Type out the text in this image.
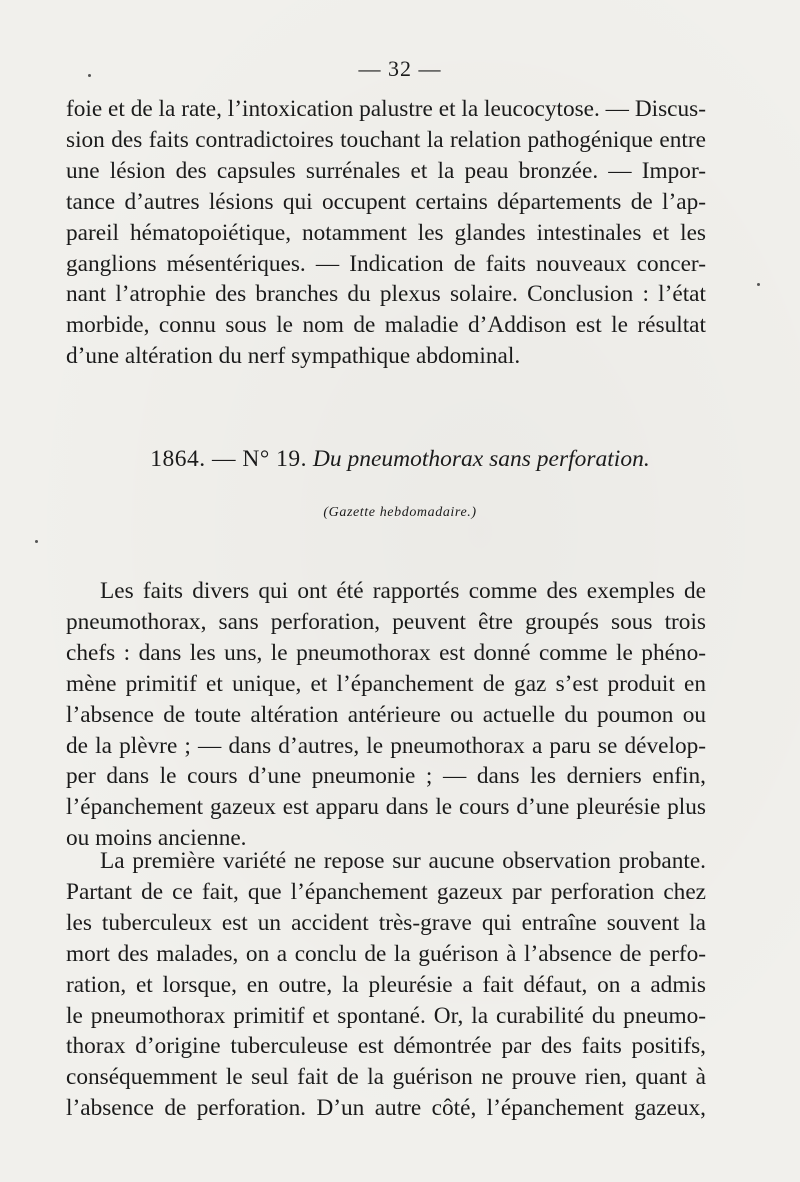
— 32 —
foie et de la rate, l’intoxication palustre et la leucocytose. — Discus-
sion des faits contradictoires touchant la relation pathogénique entre
une lésion des capsules surrénales et la peau bronzée. — Impor-
tance d’autres lésions qui occupent certains départements de l’ap-
pareil hématopoiétique, notamment les glandes intestinales et les
ganglions mésentériques. — Indication de faits nouveaux concer-
nant l’atrophie des branches du plexus solaire. Conclusion : l’état
morbide, connu sous le nom de maladie d’Addison est le résultat
d’une altération du nerf sympathique abdominal.
1864. — N° 19. Du pneumothorax sans perforation.
(Gazette hebdomadaire.)
Les faits divers qui ont été rapportés comme des exemples de
pneumothorax, sans perforation, peuvent être groupés sous trois
chefs : dans les uns, le pneumothorax est donné comme le phéno-
mène primitif et unique, et l’épanchement de gaz s’est produit en
l’absence de toute altération antérieure ou actuelle du poumon ou
de la plèvre ; — dans d’autres, le pneumothorax a paru se dévelop-
per dans le cours d’une pneumonie ; — dans les derniers enfin,
l’épanchement gazeux est apparu dans le cours d’une pleurésie plus
ou moins ancienne.
La première variété ne repose sur aucune observation probante.
Partant de ce fait, que l’épanchement gazeux par perforation chez
les tuberculeux est un accident très-grave qui entraîne souvent la
mort des malades, on a conclu de la guérison à l’absence de perfo-
ration, et lorsque, en outre, la pleurésie a fait défaut, on a admis
le pneumothorax primitif et spontané. Or, la curabilité du pneumo-
thorax d’origine tuberculeuse est démontrée par des faits positifs,
conséquemment le seul fait de la guérison ne prouve rien, quant à
l’absence de perforation. D’un autre côté, l’épanchement gazeux,
